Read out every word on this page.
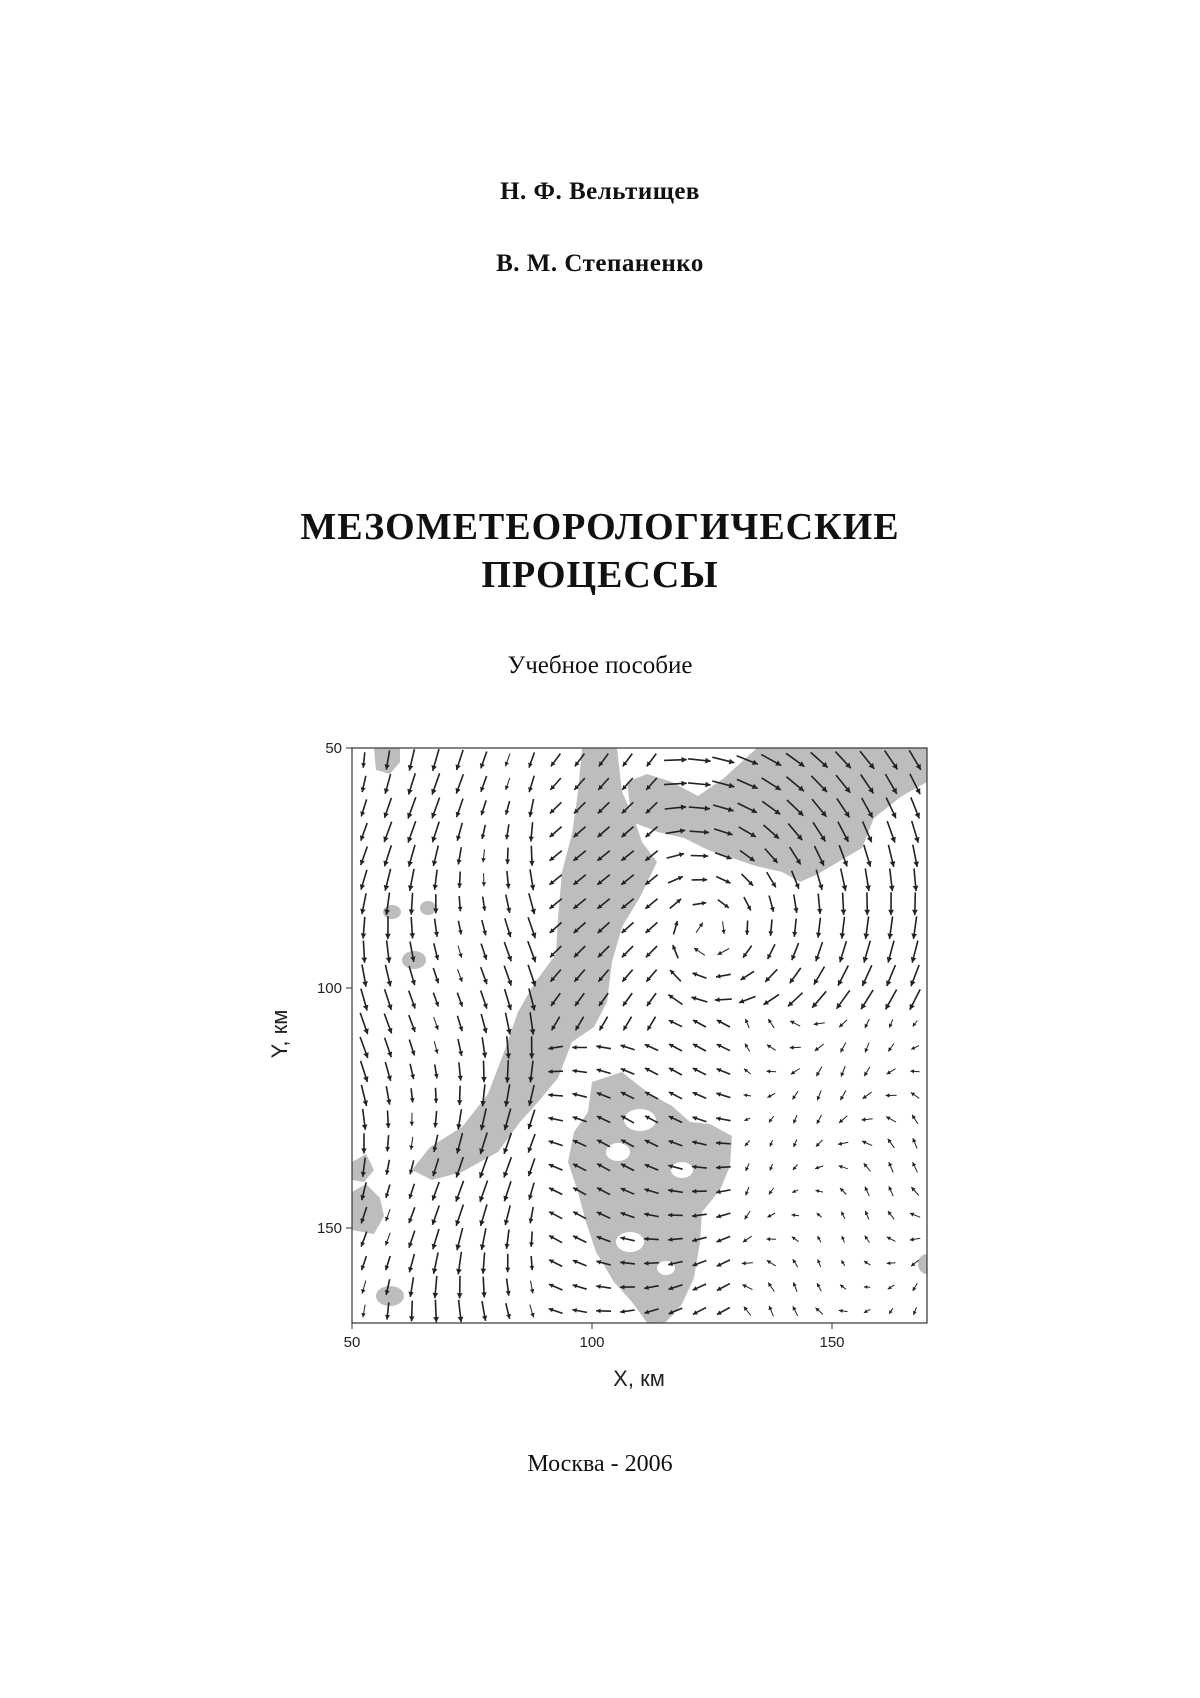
Н. Ф. Вельтищев
В. М. Степаненко
МЕЗОМЕТЕОРОЛОГИЧЕСКИЕ
ПРОЦЕССЫ
Учебное пособие
50
100
150
Y, км
50	100	150
X, км
Москва - 2006
